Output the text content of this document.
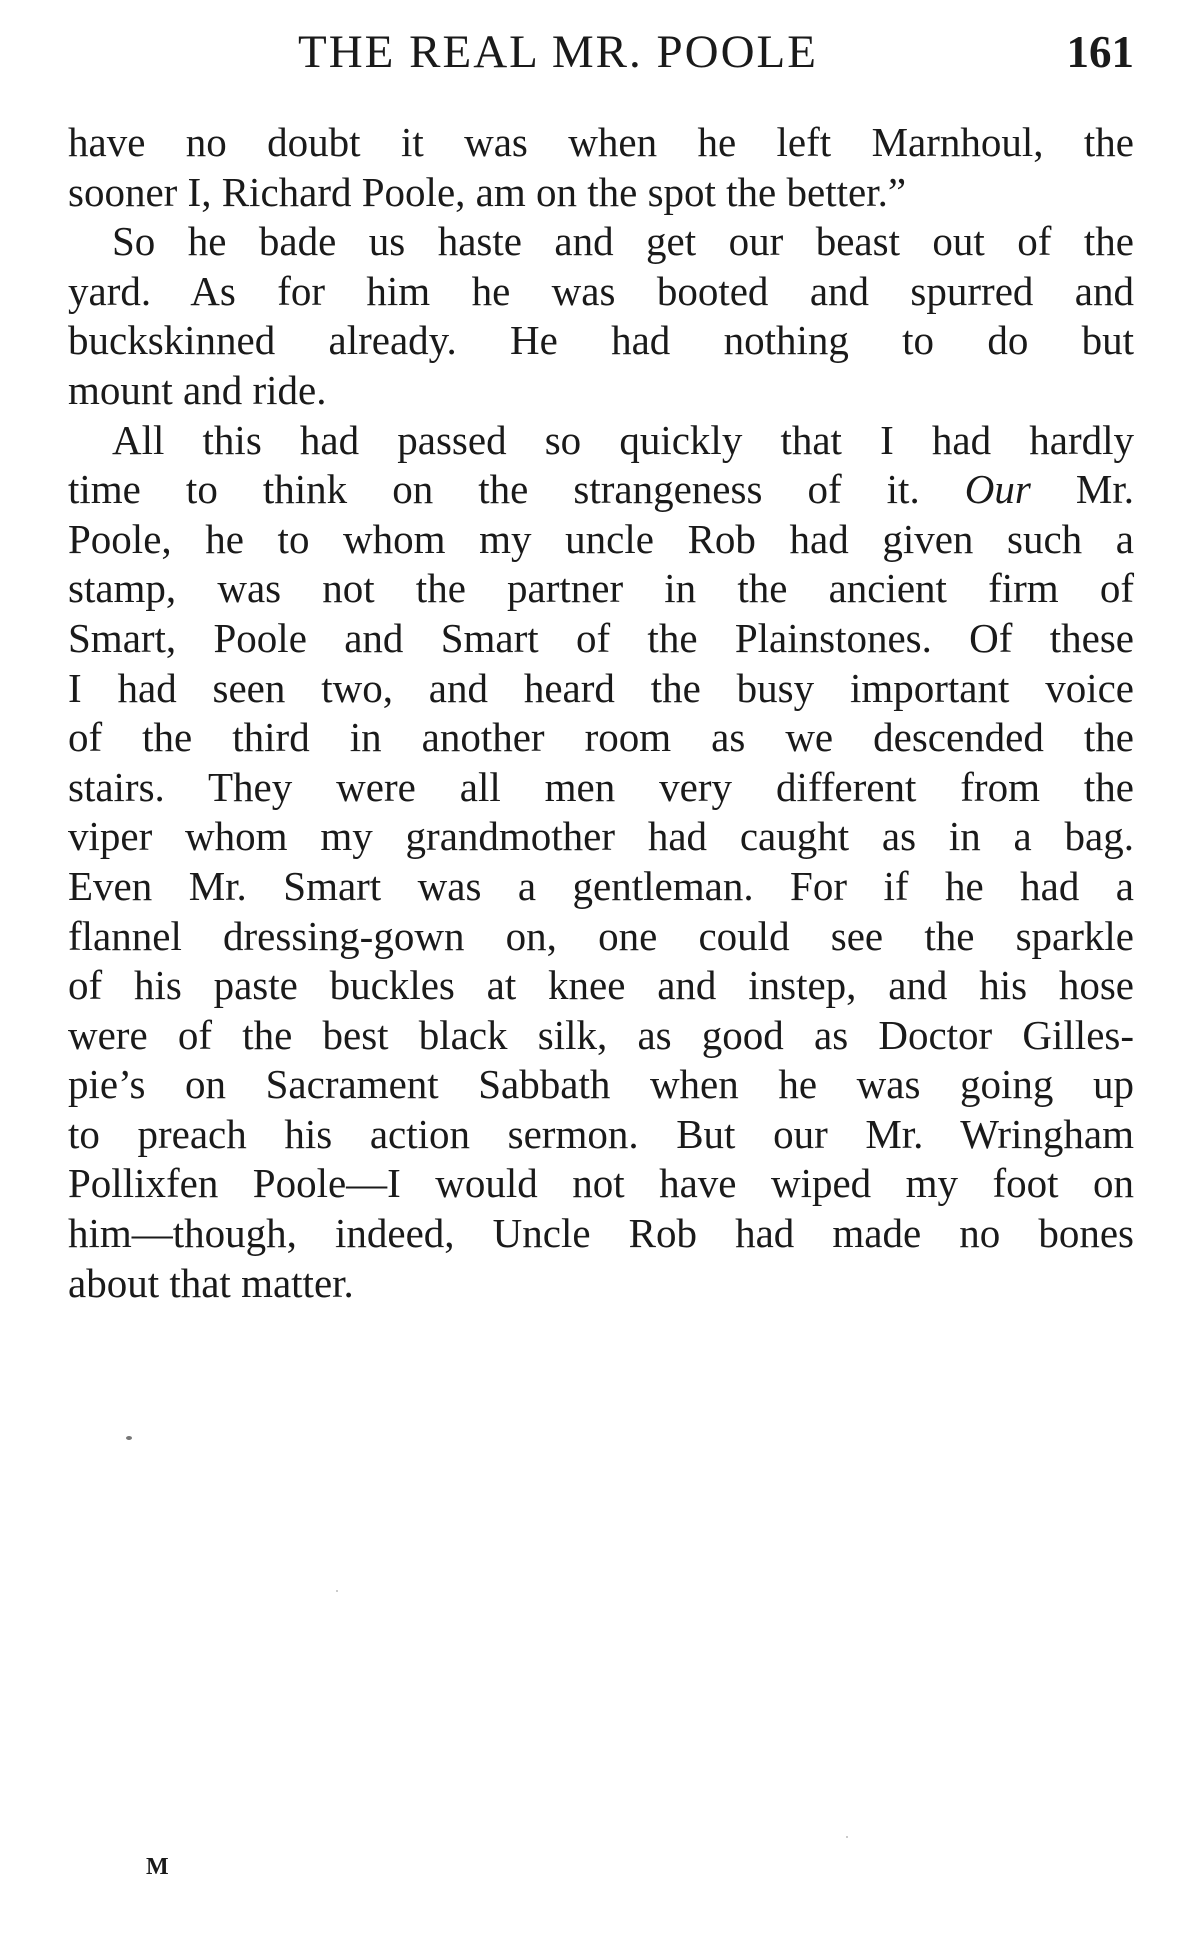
THE REAL MR. POOLE	161
have no doubt it was when he left Marnhoul, the
sooner I, Richard Poole, am on the spot the better.”
So he bade us haste and get our beast out of the
yard. As for him he was booted and spurred and
buckskinned already. He had nothing to do but
mount and ride.
All this had passed so quickly that I had hardly
time to think on the strangeness of it. Our Mr.
Poole, he to whom my uncle Rob had given such a
stamp, was not the partner in the ancient firm of
Smart, Poole and Smart of the Plainstones. Of these
I had seen two, and heard the busy important voice
of the third in another room as we descended the
stairs. They were all men very different from the
viper whom my grandmother had caught as in a bag.
Even Mr. Smart was a gentleman. For if he had a
flannel dressing-gown on, one could see the sparkle
of his paste buckles at knee and instep, and his hose
were of the best black silk, as good as Doctor Gilles-
pie’s on Sacrament Sabbath when he was going up
to preach his action sermon. But our Mr. Wringham
Pollixfen Poole—I would not have wiped my foot on
him—though, indeed, Uncle Rob had made no bones
about that matter.
M
